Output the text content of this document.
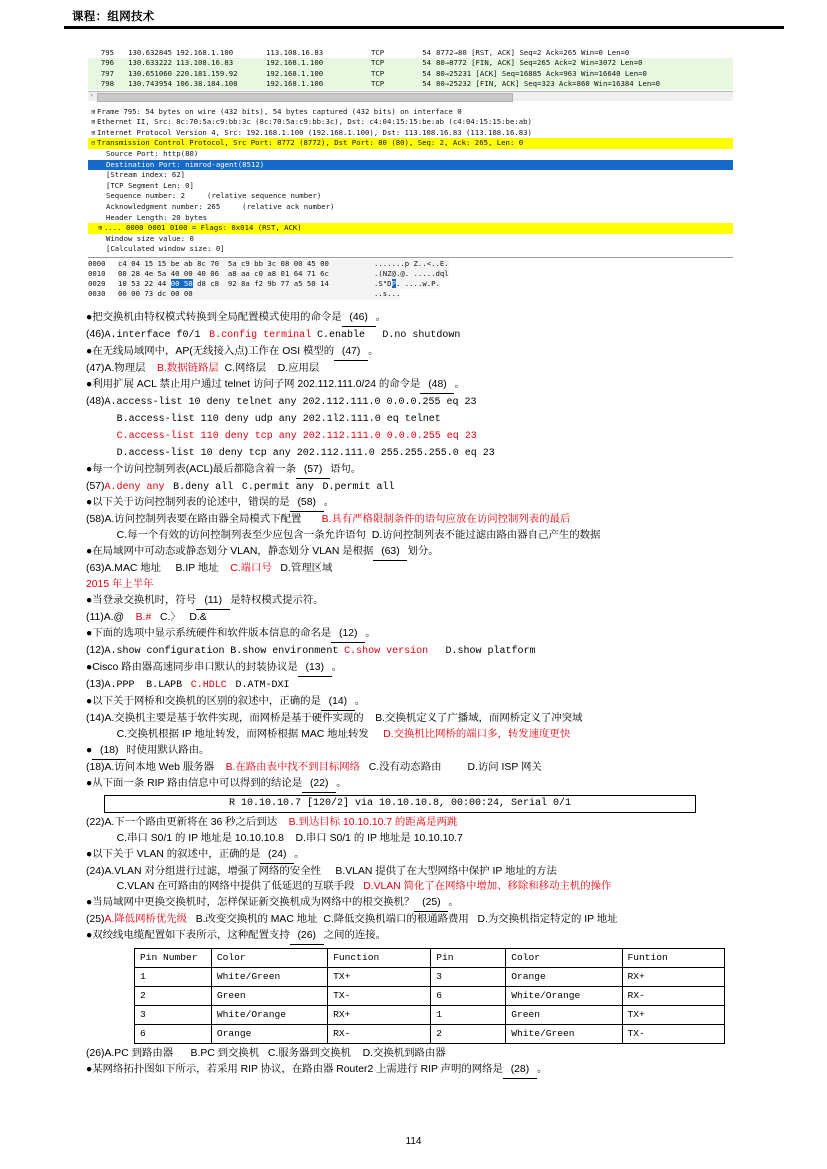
课程：组网技术
795	130.632845 192.168.1.100	113.108.16.83	TCP	54 8772→80 [RST, ACK] Seq=2 Ack=265 Win=0 Len=0
796	130.633222 113.108.16.83	192.168.1.100	TCP	54 80→8772 [FIN, ACK] Seq=265 Ack=2 Win=3072 Len=0
797	130.651060 220.181.159.92	192.168.1.100	TCP	54 80→25231 [ACK] Seq=16885 Ack=963 Win=16640 Len=0
798	130.743954 106.38.184.108	192.168.1.100	TCP	54 80→25232 [FIN, ACK] Seq=323 Ack=860 Win=16384 Len=0
‹
⊞ Frame 795: 54 bytes on wire (432 bits), 54 bytes captured (432 bits) on interface 0
⊞ Ethernet II, Src: 8c:70:5a:c9:bb:3c (8c:70:5a:c9:bb:3c), Dst: c4:04:15:15:be:ab (c4:04:15:15:be:ab)
⊞ Internet Protocol Version 4, Src: 192.168.1.100 (192.168.1.100), Dst: 113.108.16.83 (113.108.16.83)
⊟ Transmission Control Protocol, Src Port: 8772 (8772), Dst Port: 80 (80), Seq: 2, Ack: 265, Len: 0
Source Port: http(80)
Destination Port: nimrod-agent(8512)
[Stream index: 62]
[TCP Segment Len: 0]
Sequence number: 2     (relative sequence number)
Acknowledgment number: 265     (relative ack number)
Header Length: 20 bytes
⊞ .... 0000 0001 0100 = Flags: 0x014 (RST, ACK)
Window size value: 0
[Calculated window size: 0]
0000	c4 04 15 15 be ab 8c 70  5a c9 bb 3c 08 00 45 00	.......p Z..<..E.
0010	00 28 4e 5a 40 00 40 06  a8 aa c0 a8 01 64 71 6c	.(NZ@.@. .....dql
0020	10 53 22 44 00 50 d8 c8  92 8a f2 9b 77 a5 50 14	.S"DP. ....w.P.
0030	00 00 73 dc 00 00	..s...
●把交换机由特权模式转换到全局配置模式使用的命令是 (46) 。
(46)A.interface f0/1 B.config terminal C.enable D.no shutdown
●在无线局域网中，AP(无线接入点)工作在 OSI 模型的 (47) 。
(47)A.物理层 B.数据链路层 C.网络层 D.应用层
●利用扩展 ACL 禁止用户通过 telnet 访问子网 202.112.111.0/24 的命令是 (48) 。
(48)A.access-list 10 deny telnet any 202.112.111.0 0.0.0.255 eq 23
B.access-list 110 deny udp any 202.1l2.111.0 eq telnet
C.access-list 110 deny tcp any 202.112.111.0 0.0.0.255 eq 23
D.access-list 10 deny tcp any 202.112.111.0 255.255.255.0 eq 23
●每一个访问控制列表(ACL)最后都隐含着一条 (57) 语句。
(57)A.deny any B.deny all C.permit any D.permit all
●以下关于访问控制列表的论述中，错误的是 (58) 。
(58)A.访问控制列表要在路由器全局模式下配置 B.具有严格限制条件的语句应放在访问控制列表的最后
C.每一个有效的访问控制列表至少应包含一条允许语句 D.访问控制列表不能过滤由路由器自己产生的数据
●在局域网中可动态或静态划分 VLAN，静态划分 VLAN 是根据 (63) 划分。
(63)A.MAC 地址 B.IP 地址 C.端口号 D.管理区域
2015 年上半年
●当登录交换机时，符号 (11) 是特权模式提示符。
(11)A.@ B.# C.〉 D.&
●下面的选项中显示系统硬件和软件版本信息的命名是 (12) 。
(12)A.show configuration B.show environment C.show version D.show platform
●Cisco 路由器高速同步串口默认的封装协议是 (13) 。
(13)A.PPP B.LAPB C.HDLC D.ATM-DXI
●以下关于网桥和交换机的区别的叙述中，正确的是 (14) 。
(14)A.交换机主要是基于软件实现，而网桥是基于硬件实现的 B.交换机定义了广播域，而网桥定义了冲突域
C.交换机根据 IP 地址转发，而网桥根据 MAC 地址转发 D.交换机比网桥的端口多，转发速度更快
● (18) 时使用默认路由。
(18)A.访问本地 Web 服务器 B.在路由表中找不到目标网络 C.没有动态路由 D.访问 ISP 网关
●从下面一条 RIP 路由信息中可以得到的结论是 (22) 。
R 10.10.10.7 [120/2] via 10.10.10.8, 00:00:24, Serial 0/1
(22)A.下一个路由更新将在 36 秒之后到达 B.到达目标 10.10.10.7 的距离是两跳
C.串口 S0/1 的 IP 地址是 10.10.10.8 D.串口 S0/1 的 IP 地址是 10.10.10.7
●以下关于 VLAN 的叙述中，正确的是 (24) 。
(24)A.VLAN 对分组进行过滤，增强了网络的安全性 B.VLAN 提供了在大型网络中保护 IP 地址的方法
C.VLAN 在可路由的网络中提供了低延迟的互联手段 D.VLAN 简化了在网络中增加、移除和移动主机的操作
●当局域网中更换交换机时，怎样保证新交换机成为网络中的根交换机？ (25) 。
(25)A.降低网桥优先级 B.改变交换机的 MAC 地址 C.降低交换机端口的根通路费用 D.为交换机指定特定的 IP 地址
●双绞线电缆配置如下表所示，这种配置支持 (26) 之间的连接。
Pin Number	Color	Function	Pin	Color	Funtion
1	White/Green	TX+	3	Orange	RX+
2	Green	TX-	6	White/Orange	RX-
3	White/Orange	RX+	1	Green	TX+
6	Orange	RX-	2	White/Green	TX-
(26)A.PC 到路由器 B.PC 到交换机 C.服务器到交换机 D.交换机到路由器
●某网络拓扑图如下所示，若采用 RIP 协议，在路由器 Router2 上需进行 RIP 声明的网络是 (28) 。
114
